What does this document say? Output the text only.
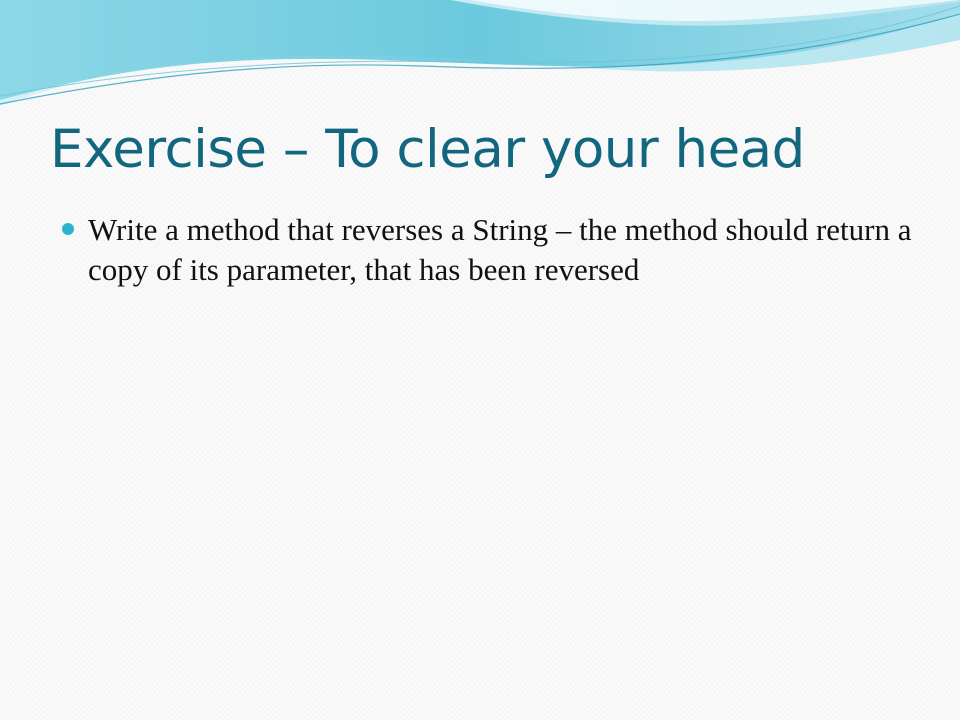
Exercise – To clear your head
Write a method that reverses a String – the method should return a copy of its parameter, that has been reversed
